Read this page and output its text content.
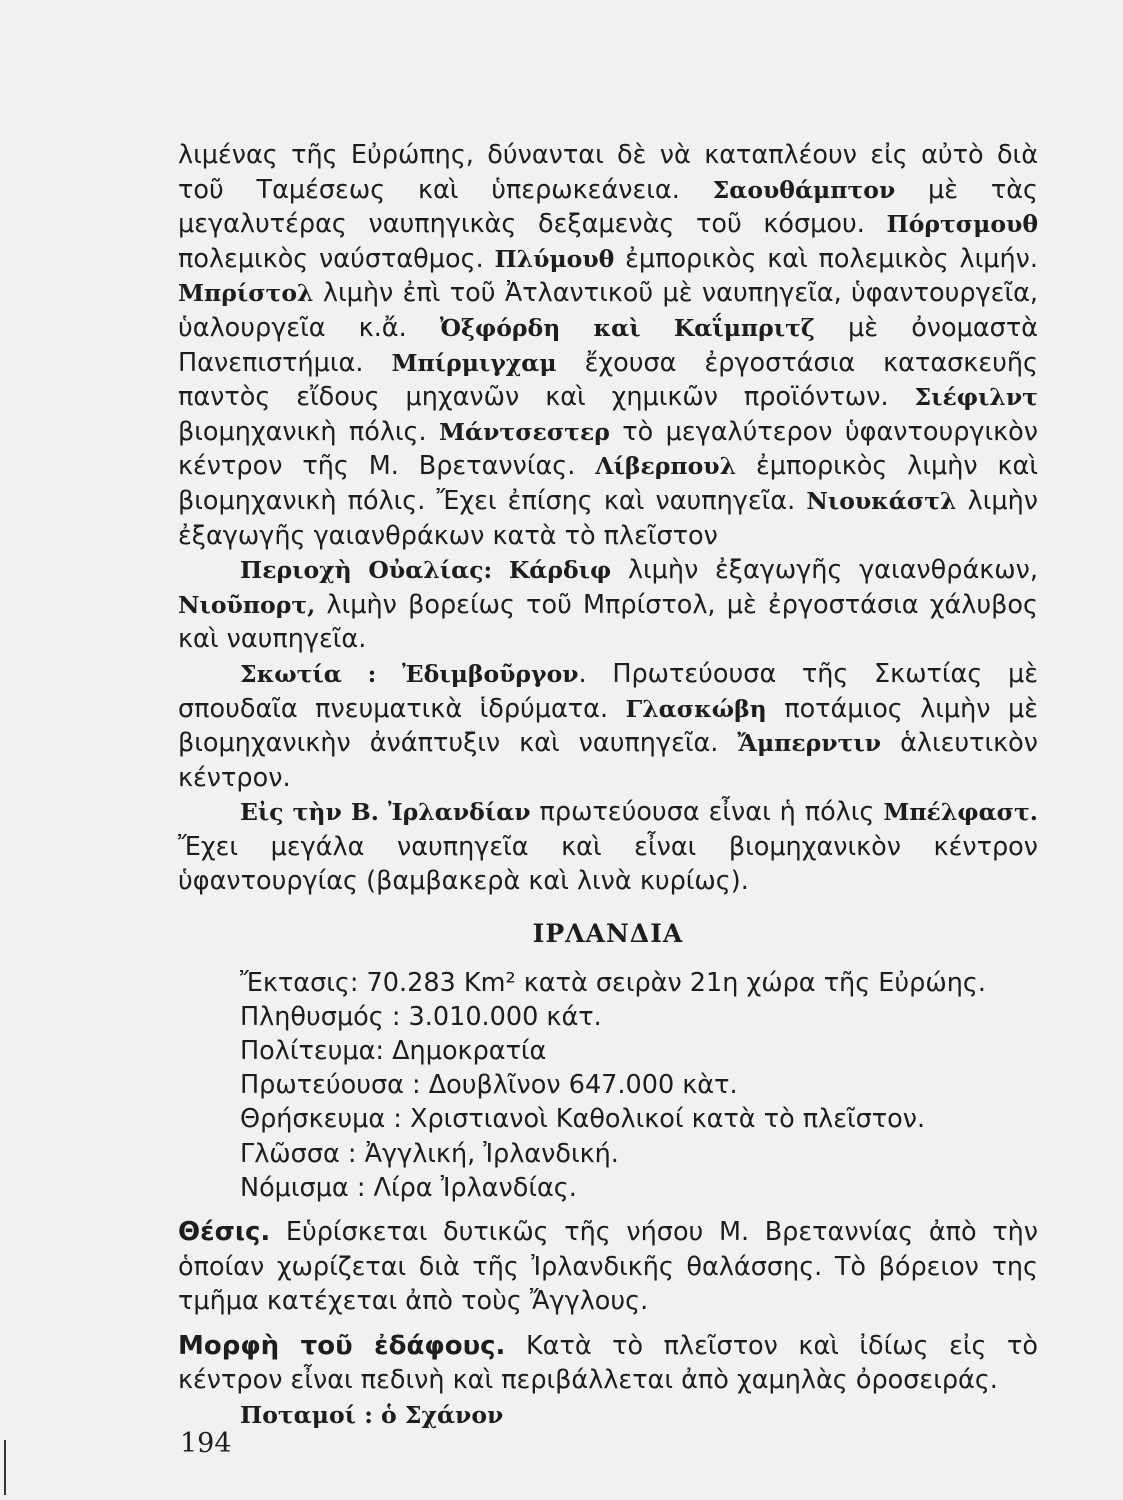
λιμένας τῆς Εὐρώπης, δύνανται δὲ νὰ καταπλέουν εἰς αὐτὸ διὰ τοῦ Ταμέσεως καὶ ὑπερωκεάνεια. Σαουθάμπτον μὲ τὰς μεγαλυτέρας ναυπηγικὰς δεξαμενὰς τοῦ κόσμου. Πόρτσμουθ πολεμικὸς ναύσταθμος. Πλύμουθ ἐμπορικὸς καὶ πολεμικὸς λιμήν. Μπρίστολ λιμὴν ἐπὶ τοῦ Ἀτλαντικοῦ μὲ ναυπηγεῖα, ὑφαντουργεῖα, ὑαλουργεῖα κ.ἄ. Ὀξφόρδη καὶ Καΐμπριτζ μὲ ὀνομαστὰ Πανεπιστήμια. Μπίρμιγχαμ ἔχουσα ἐργοστάσια κατασκευῆς παντὸς εἴδους μηχανῶν καὶ χημικῶν προϊόντων. Σιέφιλντ βιομηχανικὴ πόλις. Μάντσεστερ τὸ μεγαλύτερον ὑφαντουργικὸν κέντρον τῆς Μ. Βρεταννίας. Λίβερπουλ ἐμπορικὸς λιμὴν καὶ βιομηχανικὴ πόλις. Ἔχει ἐπίσης καὶ ναυπηγεῖα. Νιουκάστλ λιμὴν ἐξαγωγῆς γαιανθράκων κατὰ τὸ πλεῖστον

Περιοχὴ Οὐαλίας: Κάρδιφ λιμὴν ἐξαγωγῆς γαιανθράκων, Νιοῦπορτ, λιμὴν βορείως τοῦ Μπρίστολ, μὲ ἐργοστάσια χάλυβος καὶ ναυπηγεῖα.

Σκωτία : Ἐδιμβοῦργον. Πρωτεύουσα τῆς Σκωτίας μὲ σπουδαῖα πνευματικὰ ἱδρύματα. Γλασκώβη ποτάμιος λιμὴν μὲ βιομηχανικὴν ἀνάπτυξιν καὶ ναυπηγεῖα. Ἄμπερντιν ἁλιευτικὸν κέντρον.

Εἰς τὴν Β. Ἰρλανδίαν πρωτεύουσα εἶναι ἡ πόλις Μπέλφαστ. Ἔχει μεγάλα ναυπηγεῖα καὶ εἶναι βιομηχανικὸν κέντρον ὑφαντουργίας (βαμβακερὰ καὶ λινὰ κυρίως).

ΙΡΛΑΝΔΙΑ
Ἔκτασις: 70.283 Km² κατὰ σειρὰν 21η χώρα τῆς Εὐρώης.
Πληθυσμός : 3.010.000 κάτ.
Πολίτευμα: Δημοκρατία
Πρωτεύουσα : Δουβλῖνον 647.000 κὰτ.
Θρήσκευμα : Χριστιανοὶ Καθολικοί κατὰ τὸ πλεῖστον.
Γλῶσσα : Ἀγγλική, Ἰρλανδική.
Νόμισμα : Λίρα Ἰρλανδίας.

Θέσις. Εὑρίσκεται δυτικῶς τῆς νήσου Μ. Βρεταννίας ἀπὸ τὴν ὁποίαν χωρίζεται διὰ τῆς Ἰρλανδικῆς θαλάσσης. Τὸ βόρειον της τμῆμα κατέχεται ἀπὸ τοὺς Ἄγγλους.

Μορφὴ τοῦ ἐδάφους. Κατὰ τὸ πλεῖστον καὶ ἰδίως εἰς τὸ κέντρον εἶναι πεδινὴ καὶ περιβάλλεται ἀπὸ χαμηλὰς ὀροσειράς.

Ποταμοί : ὁ Σχάνον

194
